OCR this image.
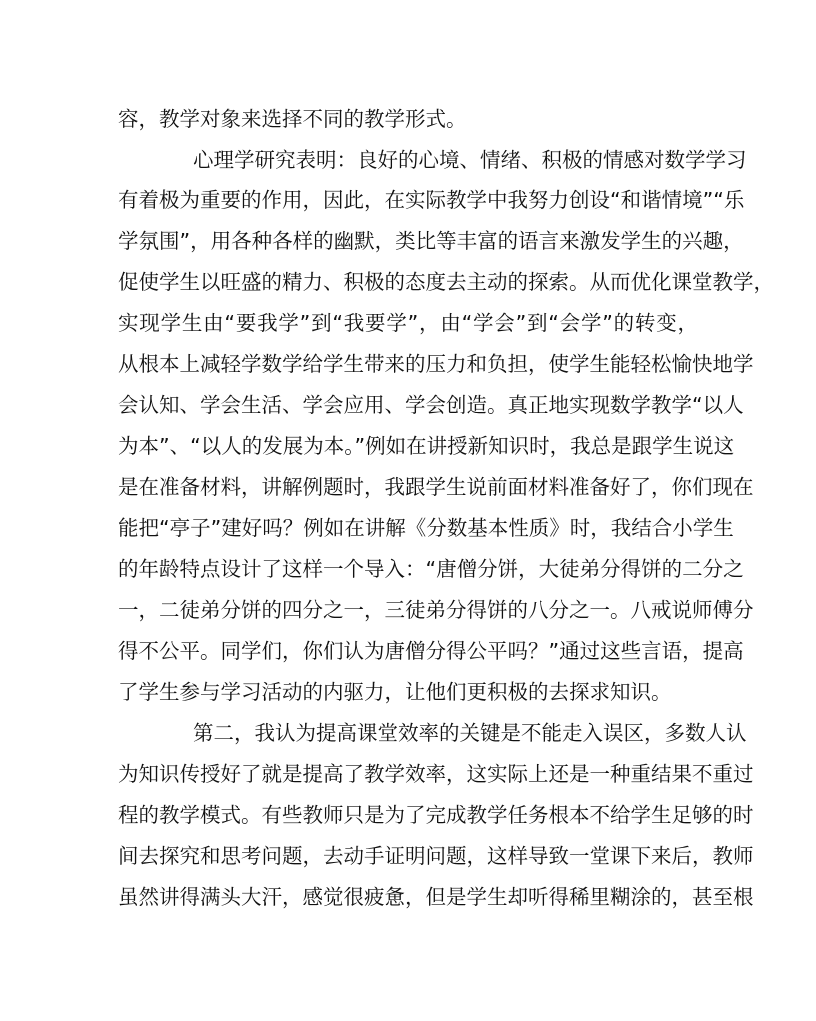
容，教学对象来选择不同的教学形式。
心理学研究表明：良好的心境、情绪、积极的情感对数学学习
有着极为重要的作用，因此，在实际教学中我努力创设“和谐情境”“乐
学氛围”，用各种各样的幽默，类比等丰富的语言来激发学生的兴趣，
促使学生以旺盛的精力、积极的态度去主动的探索。从而优化课堂教学，
实现学生由“要我学”到“我要学”，由“学会”到“会学”的转变，
从根本上减轻学数学给学生带来的压力和负担，使学生能轻松愉快地学
会认知、学会生活、学会应用、学会创造。真正地实现数学教学“以人
为本”、“以人的发展为本。”例如在讲授新知识时，我总是跟学生说这
是在准备材料，讲解例题时，我跟学生说前面材料准备好了，你们现在
能把“亭子”建好吗？例如在讲解《分数基本性质》时，我结合小学生
的年龄特点设计了这样一个导入：“唐僧分饼，大徒弟分得饼的二分之
一，二徒弟分饼的四分之一，三徒弟分得饼的八分之一。八戒说师傅分
得不公平。同学们，你们认为唐僧分得公平吗？”通过这些言语，提高
了学生参与学习活动的内驱力，让他们更积极的去探求知识。
第二，我认为提高课堂效率的关键是不能走入误区，多数人认
为知识传授好了就是提高了教学效率，这实际上还是一种重结果不重过
程的教学模式。有些教师只是为了完成教学任务根本不给学生足够的时
间去探究和思考问题，去动手证明问题，这样导致一堂课下来后，教师
虽然讲得满头大汗，感觉很疲惫，但是学生却听得稀里糊涂的，甚至根
